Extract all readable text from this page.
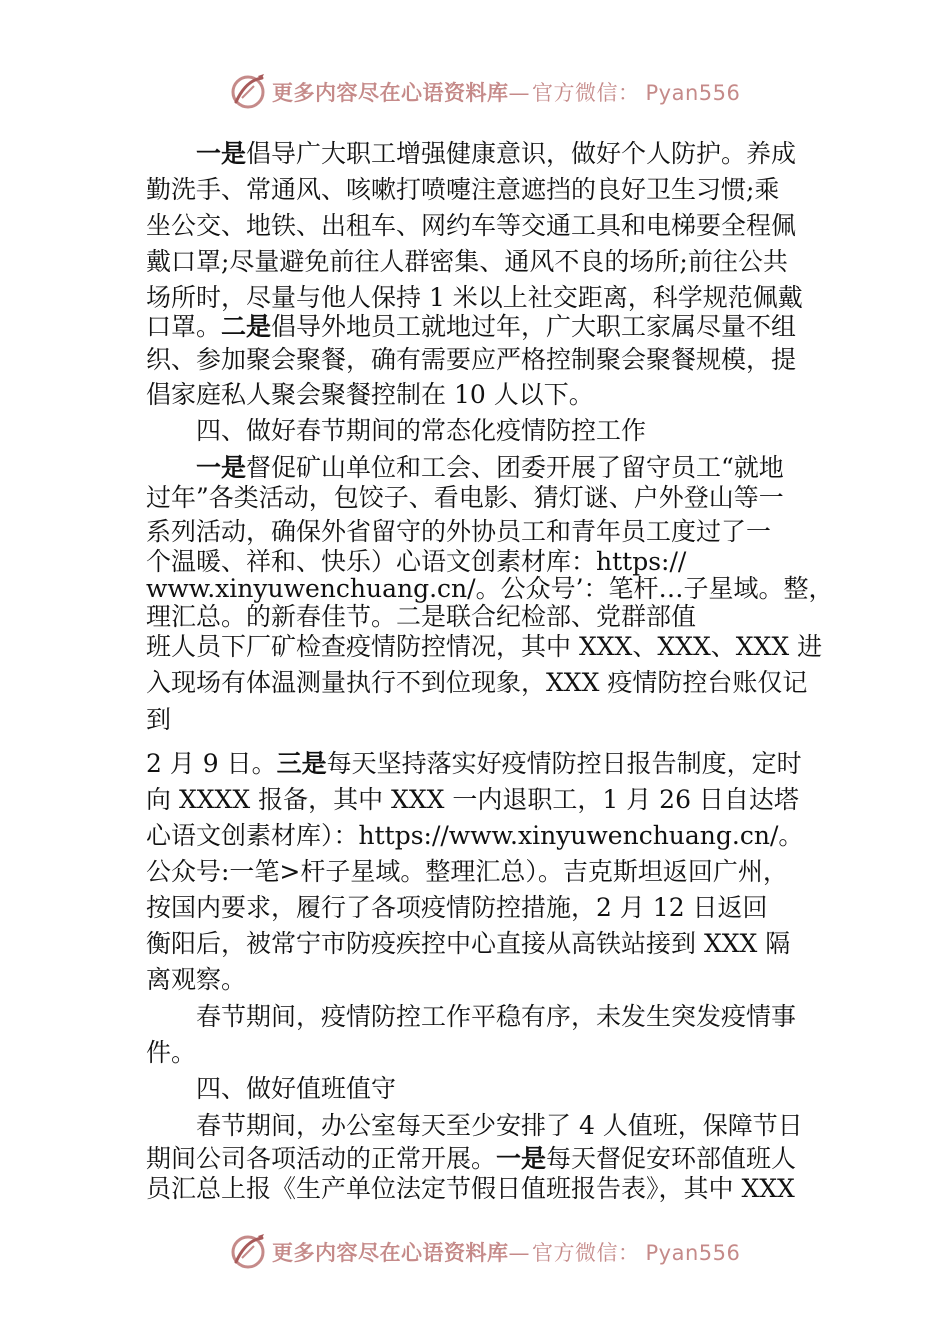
更多内容尽在心语资料库—官方微信： Pyan556
一是倡导广大职工增强健康意识，做好个人防护。养成
勤洗手、常通风、咳嗽打喷嚏注意遮挡的良好卫生习惯;乘
坐公交、地铁、出租车、网约车等交通工具和电梯要全程佩
戴口罩;尽量避免前往人群密集、通风不良的场所;前往公共
场所时，尽量与他人保持 1 米以上社交距离，科学规范佩戴
口罩。二是倡导外地员工就地过年，广大职工家属尽量不组
织、参加聚会聚餐，确有需要应严格控制聚会聚餐规模，提
倡家庭私人聚会聚餐控制在 10 人以下。
四、做好春节期间的常态化疫情防控工作
一是督促矿山单位和工会、团委开展了留守员工“就地
过年”各类活动，包饺子、看电影、猜灯谜、户外登山等一
系列活动，确保外省留守的外协员工和青年员工度过了一
个温暖、祥和、快乐）心语文创素材库：https://
www.xinyuwenchuang.cn/。公众号’：笔杆…子星域。整，
理汇总。的新春佳节。二是联合纪检部、党群部值
班人员下厂矿检查疫情防控情况，其中 XXX、XXX、XXX 进
入现场有体温测量执行不到位现象，XXX 疫情防控台账仅记
到
2 月 9 日。三是每天坚持落实好疫情防控日报告制度，定时
向 XXXX 报备，其中 XXX 一内退职工，1 月 26 日自达塔
心语文创素材库）：https://www.xinyuwenchuang.cn/。
公众号:一笔>杆子星域。整理汇总）。吉克斯坦返回广州，
按国内要求，履行了各项疫情防控措施，2 月 12 日返回
衡阳后，被常宁市防疫疾控中心直接从高铁站接到 XXX 隔
离观察。
春节期间，疫情防控工作平稳有序，未发生突发疫情事
件。
四、做好值班值守
春节期间，办公室每天至少安排了 4 人值班，保障节日
期间公司各项活动的正常开展。一是每天督促安环部值班人
员汇总上报《生产单位法定节假日值班报告表》，其中 XXX
更多内容尽在心语资料库—官方微信： Pyan556
